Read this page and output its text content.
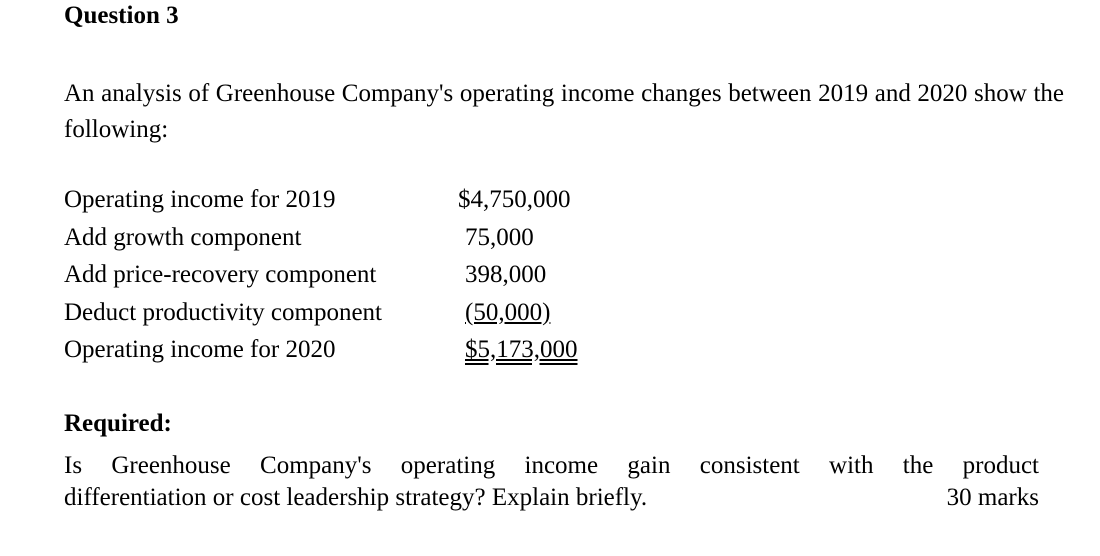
Question 3
An analysis of Greenhouse Company's operating income changes between 2019 and 2020 show the following:
Operating income for 2019	$4,750,000
Add growth component	75,000
Add price-recovery component	398,000
Deduct productivity component	(50,000)
Operating income for 2020	$5,173,000
Required:
Is Greenhouse Company's operating income gain consistent with the product
differentiation or cost leadership strategy? Explain briefly.	30 marks
